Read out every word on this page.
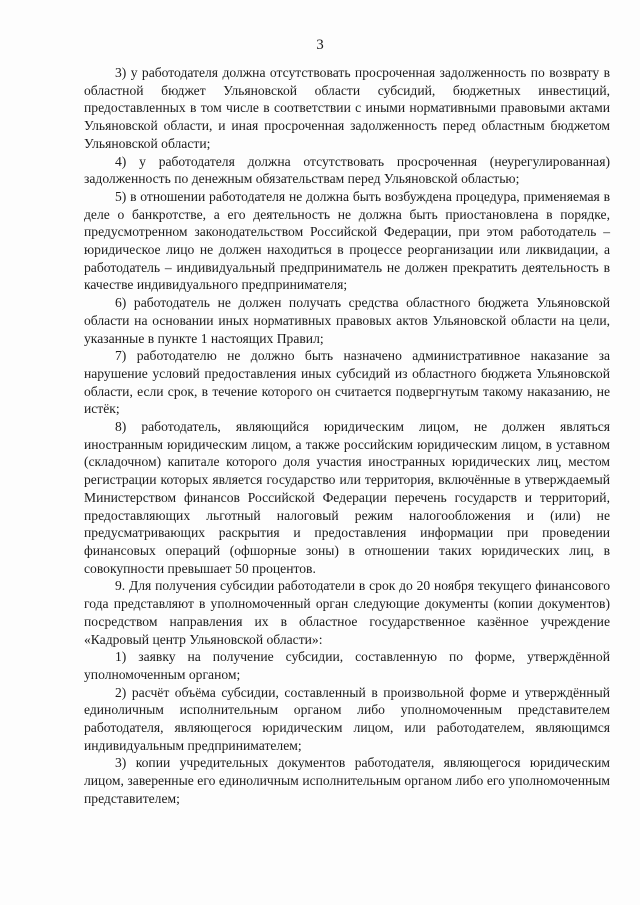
3

3) у работодателя должна отсутствовать просроченная задолженность по возврату в областной бюджет Ульяновской области субсидий, бюджетных инвестиций, предоставленных в том числе в соответствии с иными нормативными правовыми актами Ульяновской области, и иная просроченная задолженность перед областным бюджетом Ульяновской области;

4) у работодателя должна отсутствовать просроченная (неурегулированная) задолженность по денежным обязательствам перед Ульяновской областью;

5) в отношении работодателя не должна быть возбуждена процедура, применяемая в деле о банкротстве, а его деятельность не должна быть приостановлена в порядке, предусмотренном законодательством Российской Федерации, при этом работодатель – юридическое лицо не должен находиться в процессе реорганизации или ликвидации, а работодатель – индивидуальный предприниматель не должен прекратить деятельность в качестве индивидуального предпринимателя;

6) работодатель не должен получать средства областного бюджета Ульяновской области на основании иных нормативных правовых актов Ульяновской области на цели, указанные в пункте 1 настоящих Правил;

7) работодателю не должно быть назначено административное наказание за нарушение условий предоставления иных субсидий из областного бюджета Ульяновской области, если срок, в течение которого он считается подвергнутым такому наказанию, не истёк;

8) работодатель, являющийся юридическим лицом, не должен являться иностранным юридическим лицом, а также российским юридическим лицом, в уставном (складочном) капитале которого доля участия иностранных юридических лиц, местом регистрации которых является государство или территория, включённые в утверждаемый Министерством финансов Российской Федерации перечень государств и территорий, предоставляющих льготный налоговый режим налогообложения и (или) не предусматривающих раскрытия и предоставления информации при проведении финансовых операций (офшорные зоны) в отношении таких юридических лиц, в совокупности превышает 50 процентов.

9. Для получения субсидии работодатели в срок до 20 ноября текущего финансового года представляют в уполномоченный орган следующие документы (копии документов) посредством направления их в областное государственное казённое учреждение «Кадровый центр Ульяновской области»:

1) заявку на получение субсидии, составленную по форме, утверждённой уполномоченным органом;

2) расчёт объёма субсидии, составленный в произвольной форме и утверждённый единоличным исполнительным органом либо уполномоченным представителем работодателя, являющегося юридическим лицом, или работодателем, являющимся индивидуальным предпринимателем;

3) копии учредительных документов работодателя, являющегося юридическим лицом, заверенные его единоличным исполнительным органом либо его уполномоченным представителем;
